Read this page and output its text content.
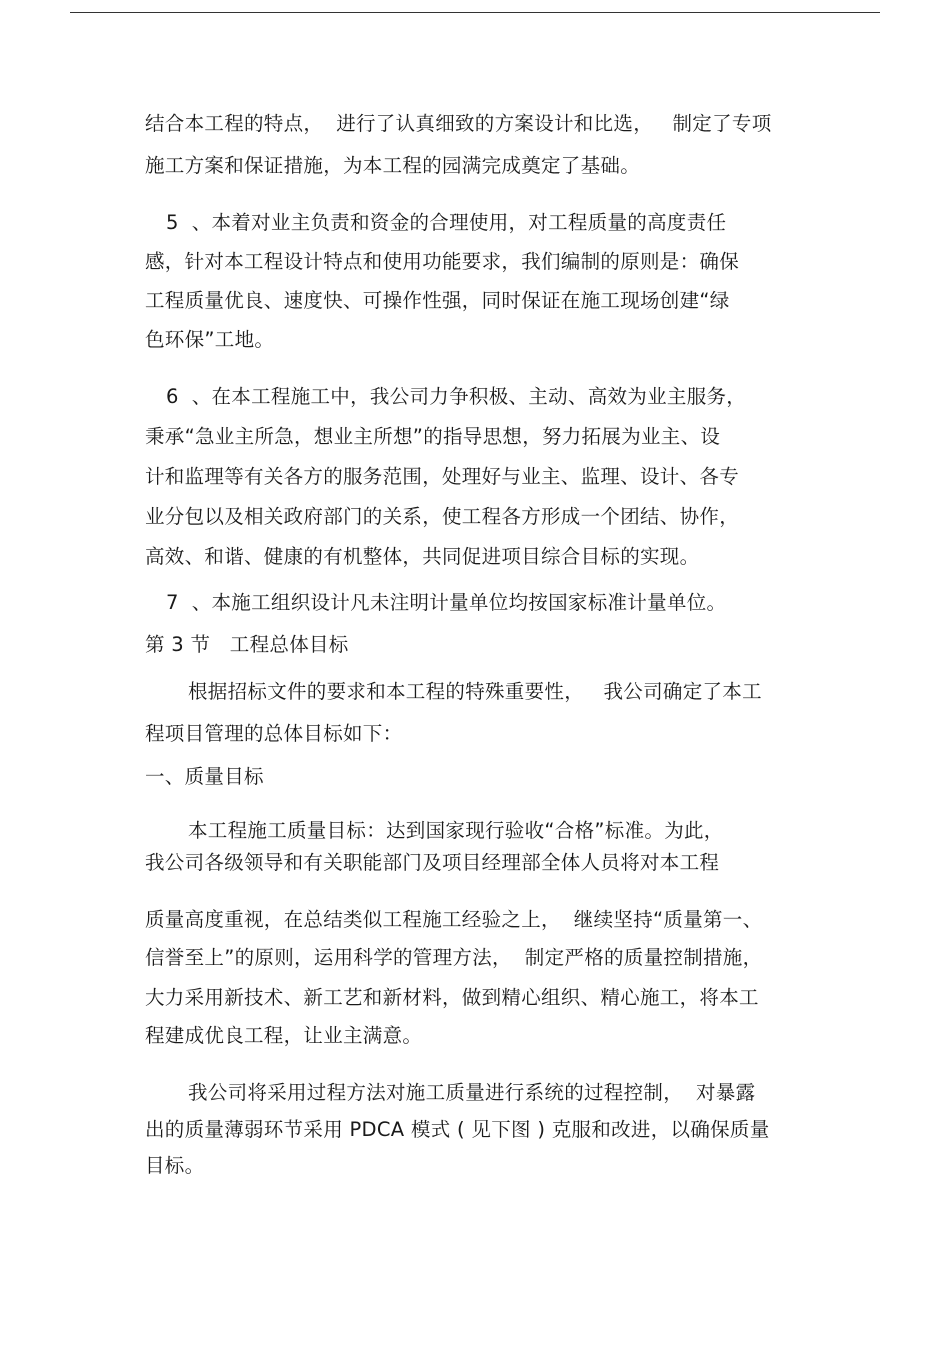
结合本工程的特点，  进行了认真细致的方案设计和比选，   制定了专项
施工方案和保证措施，为本工程的园满完成奠定了基础。
5  、本着对业主负责和资金的合理使用，对工程质量的高度责任
感，针对本工程设计特点和使用功能要求，我们编制的原则是：确保
工程质量优良、速度快、可操作性强，同时保证在施工现场创建“绿
色环保”工地。
6  、在本工程施工中，我公司力争积极、主动、高效为业主服务，
秉承“急业主所急，想业主所想”的指导思想，努力拓展为业主、设
计和监理等有关各方的服务范围，处理好与业主、监理、设计、各专
业分包以及相关政府部门的关系，使工程各方形成一个团结、协作，
高效、和谐、健康的有机整体，共同促进项目综合目标的实现。
7  、本施工组织设计凡未注明计量单位均按国家标准计量单位。
第 3 节   工程总体目标
根据招标文件的要求和本工程的特殊重要性，   我公司确定了本工
程项目管理的总体目标如下：
一、质量目标
本工程施工质量目标：达到国家现行验收“合格”标准。为此，
我公司各级领导和有关职能部门及项目经理部全体人员将对本工程
质量高度重视，在总结类似工程施工经验之上，  继续坚持“质量第一、
信誉至上”的原则，运用科学的管理方法，  制定严格的质量控制措施，
大力采用新技术、新工艺和新材料，做到精心组织、精心施工，将本工
程建成优良工程，让业主满意。
我公司将采用过程方法对施工质量进行系统的过程控制，  对暴露
出的质量薄弱环节采用 PDCA 模式 ( 见下图 ) 克服和改进，以确保质量
目标。
